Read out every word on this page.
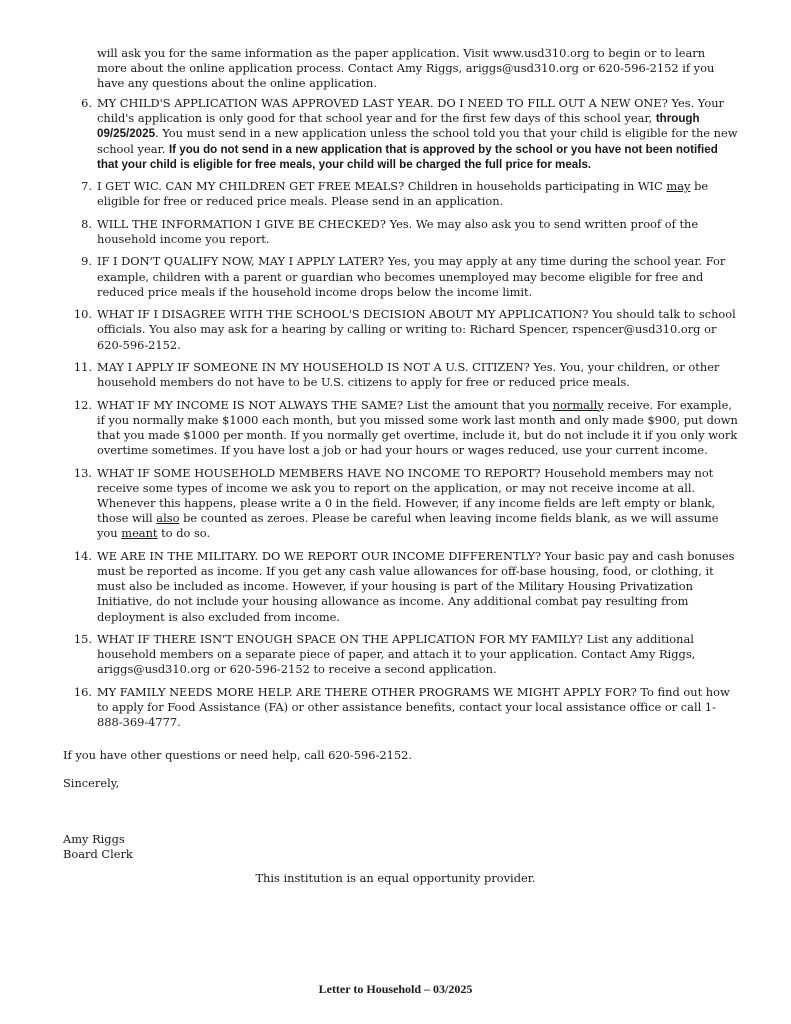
will ask you for the same information as the paper application. Visit www.usd310.org to begin or to learn more about the online application process. Contact Amy Riggs, ariggs@usd310.org or 620-596-2152 if you have any questions about the online application.
6. MY CHILD'S APPLICATION WAS APPROVED LAST YEAR. DO I NEED TO FILL OUT A NEW ONE? Yes. Your child's application is only good for that school year and for the first few days of this school year, through 09/25/2025. You must send in a new application unless the school told you that your child is eligible for the new school year. If you do not send in a new application that is approved by the school or you have not been notified that your child is eligible for free meals, your child will be charged the full price for meals.
7. I GET WIC. CAN MY CHILDREN GET FREE MEALS? Children in households participating in WIC may be eligible for free or reduced price meals. Please send in an application.
8. WILL THE INFORMATION I GIVE BE CHECKED? Yes. We may also ask you to send written proof of the household income you report.
9. IF I DON'T QUALIFY NOW, MAY I APPLY LATER? Yes, you may apply at any time during the school year. For example, children with a parent or guardian who becomes unemployed may become eligible for free and reduced price meals if the household income drops below the income limit.
10. WHAT IF I DISAGREE WITH THE SCHOOL'S DECISION ABOUT MY APPLICATION? You should talk to school officials. You also may ask for a hearing by calling or writing to: Richard Spencer, rspencer@usd310.org or 620-596-2152.
11. MAY I APPLY IF SOMEONE IN MY HOUSEHOLD IS NOT A U.S. CITIZEN? Yes. You, your children, or other household members do not have to be U.S. citizens to apply for free or reduced price meals.
12. WHAT IF MY INCOME IS NOT ALWAYS THE SAME? List the amount that you normally receive. For example, if you normally make $1000 each month, but you missed some work last month and only made $900, put down that you made $1000 per month. If you normally get overtime, include it, but do not include it if you only work overtime sometimes. If you have lost a job or had your hours or wages reduced, use your current income.
13. WHAT IF SOME HOUSEHOLD MEMBERS HAVE NO INCOME TO REPORT? Household members may not receive some types of income we ask you to report on the application, or may not receive income at all. Whenever this happens, please write a 0 in the field. However, if any income fields are left empty or blank, those will also be counted as zeroes. Please be careful when leaving income fields blank, as we will assume you meant to do so.
14. WE ARE IN THE MILITARY. DO WE REPORT OUR INCOME DIFFERENTLY? Your basic pay and cash bonuses must be reported as income. If you get any cash value allowances for off-base housing, food, or clothing, it must also be included as income. However, if your housing is part of the Military Housing Privatization Initiative, do not include your housing allowance as income. Any additional combat pay resulting from deployment is also excluded from income.
15. WHAT IF THERE ISN'T ENOUGH SPACE ON THE APPLICATION FOR MY FAMILY? List any additional household members on a separate piece of paper, and attach it to your application. Contact Amy Riggs, ariggs@usd310.org or 620-596-2152 to receive a second application.
16. MY FAMILY NEEDS MORE HELP. ARE THERE OTHER PROGRAMS WE MIGHT APPLY FOR? To find out how to apply for Food Assistance (FA) or other assistance benefits, contact your local assistance office or call 1-888-369-4777.
If you have other questions or need help, call 620-596-2152.
Sincerely,
Amy Riggs
Board Clerk
This institution is an equal opportunity provider.
Letter to Household – 03/2025
